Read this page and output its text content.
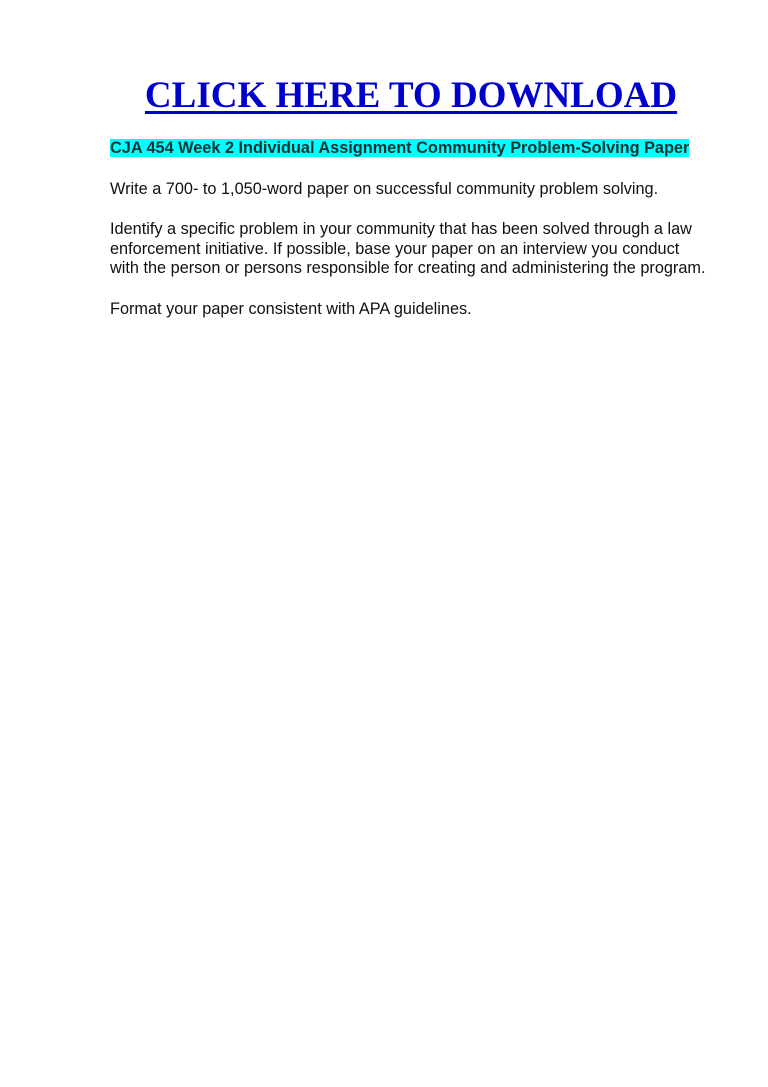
CLICK HERE TO DOWNLOAD
CJA 454 Week 2 Individual Assignment Community Problem-Solving Paper

Write a 700- to 1,050-word paper on successful community problem solving.

Identify a specific problem in your community that has been solved through a law enforcement initiative. If possible, base your paper on an interview you conduct with the person or persons responsible for creating and administering the program.

Format your paper consistent with APA guidelines.
